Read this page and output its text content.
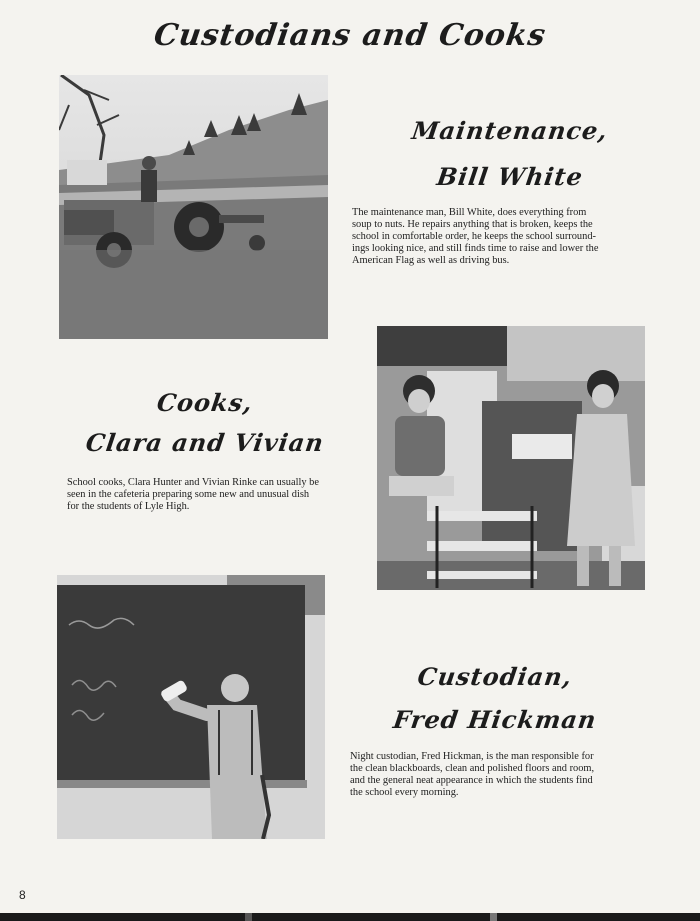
Custodians and Cooks
Maintenance,
Bill White
The maintenance man, Bill White, does everything from
soup to nuts. He repairs anything that is broken, keeps the
school in comfortable order, he keeps the school surround-
ings looking nice, and still finds time to raise and lower the
American Flag as well as driving bus.
Cooks,
Clara and Vivian
School cooks, Clara Hunter and Vivian Rinke can usually be
seen in the cafeteria preparing some new and unusual dish
for the students of Lyle High.
Custodian,
Fred Hickman
Night custodian, Fred Hickman, is the man responsible for
the clean blackboards, clean and polished floors and room,
and the general neat appearance in which the students find
the school every morning.
8
